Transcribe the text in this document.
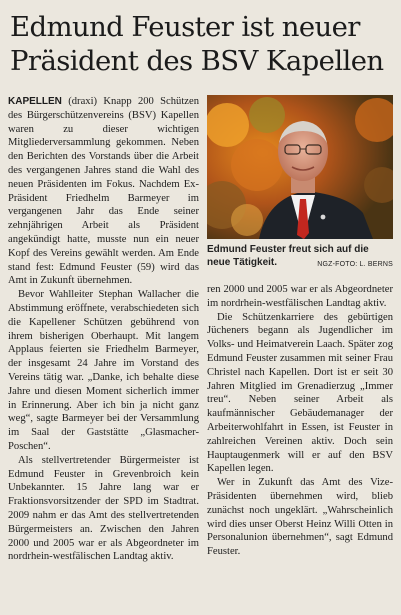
Edmund Feuster ist neuer
Präsident des BSV Kapellen
Edmund Feuster freut sich auf die neue Tätigkeit.	NGZ-FOTO: L. BERNS

KAPELLEN (draxi) Knapp 200 Schützen des Bürgerschützenvereins (BSV) Kapellen waren zu dieser wichtigen Mitgliederversammlung gekommen. Neben den Berichten des Vorstands über die Arbeit des vergangenen Jahres stand die Wahl des neuen Präsidenten im Fokus. Nachdem Ex-Präsident Friedhelm Barmeyer im vergangenen Jahr das Ende seiner zehnjährigen Arbeit als Präsident angekündigt hatte, musste nun ein neuer Kopf des Vereins gewählt werden. Am Ende stand fest: Edmund Feuster (59) wird das Amt in Zukunft übernehmen.

Bevor Wahlleiter Stephan Wallacher die Abstimmung eröffnete, verabschiedeten sich die Kapellener Schützen gebührend von ihrem bisherigen Oberhaupt. Mit langem Applaus feierten sie Friedhelm Barmeyer, der insgesamt 24 Jahre im Vorstand des Vereins tätig war. „Danke, ich behalte diese Jahre und diesen Moment sicherlich immer in Erinnerung. Aber ich bin ja nicht ganz weg“, sagte Barmeyer bei der Versammlung im Saal der Gaststätte „Glasmacher-Poschen“.

Als stellvertretender Bürgermeister ist Edmund Feuster in Grevenbroich kein Unbekannter. 15 Jahre lang war er Fraktionsvorsitzender der SPD im Stadtrat. 2009 nahm er das Amt des stellvertretenden Bürgermeisters an. Zwischen den Jahren 2000 und 2005 war er als Abgeordneter im nordrhein-westfälischen Landtag aktiv.

ren 2000 und 2005 war er als Abgeordneter im nordrhein-westfälischen Landtag aktiv.

Die Schützenkarriere des gebürtigen Jücheners begann als Jugendlicher im Volks- und Heimatverein Laach. Später zog Edmund Feuster zusammen mit seiner Frau Christel nach Kapellen. Dort ist er seit 30 Jahren Mitglied im Grenadierzug „Immer treu“. Neben seiner Arbeit als kaufmännischer Gebäudemanager der Arbeiterwohlfahrt in Essen, ist Feuster in zahlreichen Vereinen aktiv. Doch sein Hauptaugenmerk will er auf den BSV Kapellen legen.

Wer in Zukunft das Amt des Vize-Präsidenten übernehmen wird, blieb zunächst noch ungeklärt. „Wahrscheinlich wird dies unser Oberst Heinz Willi Otten in Personalunion übernehmen“, sagt Edmund Feuster.
